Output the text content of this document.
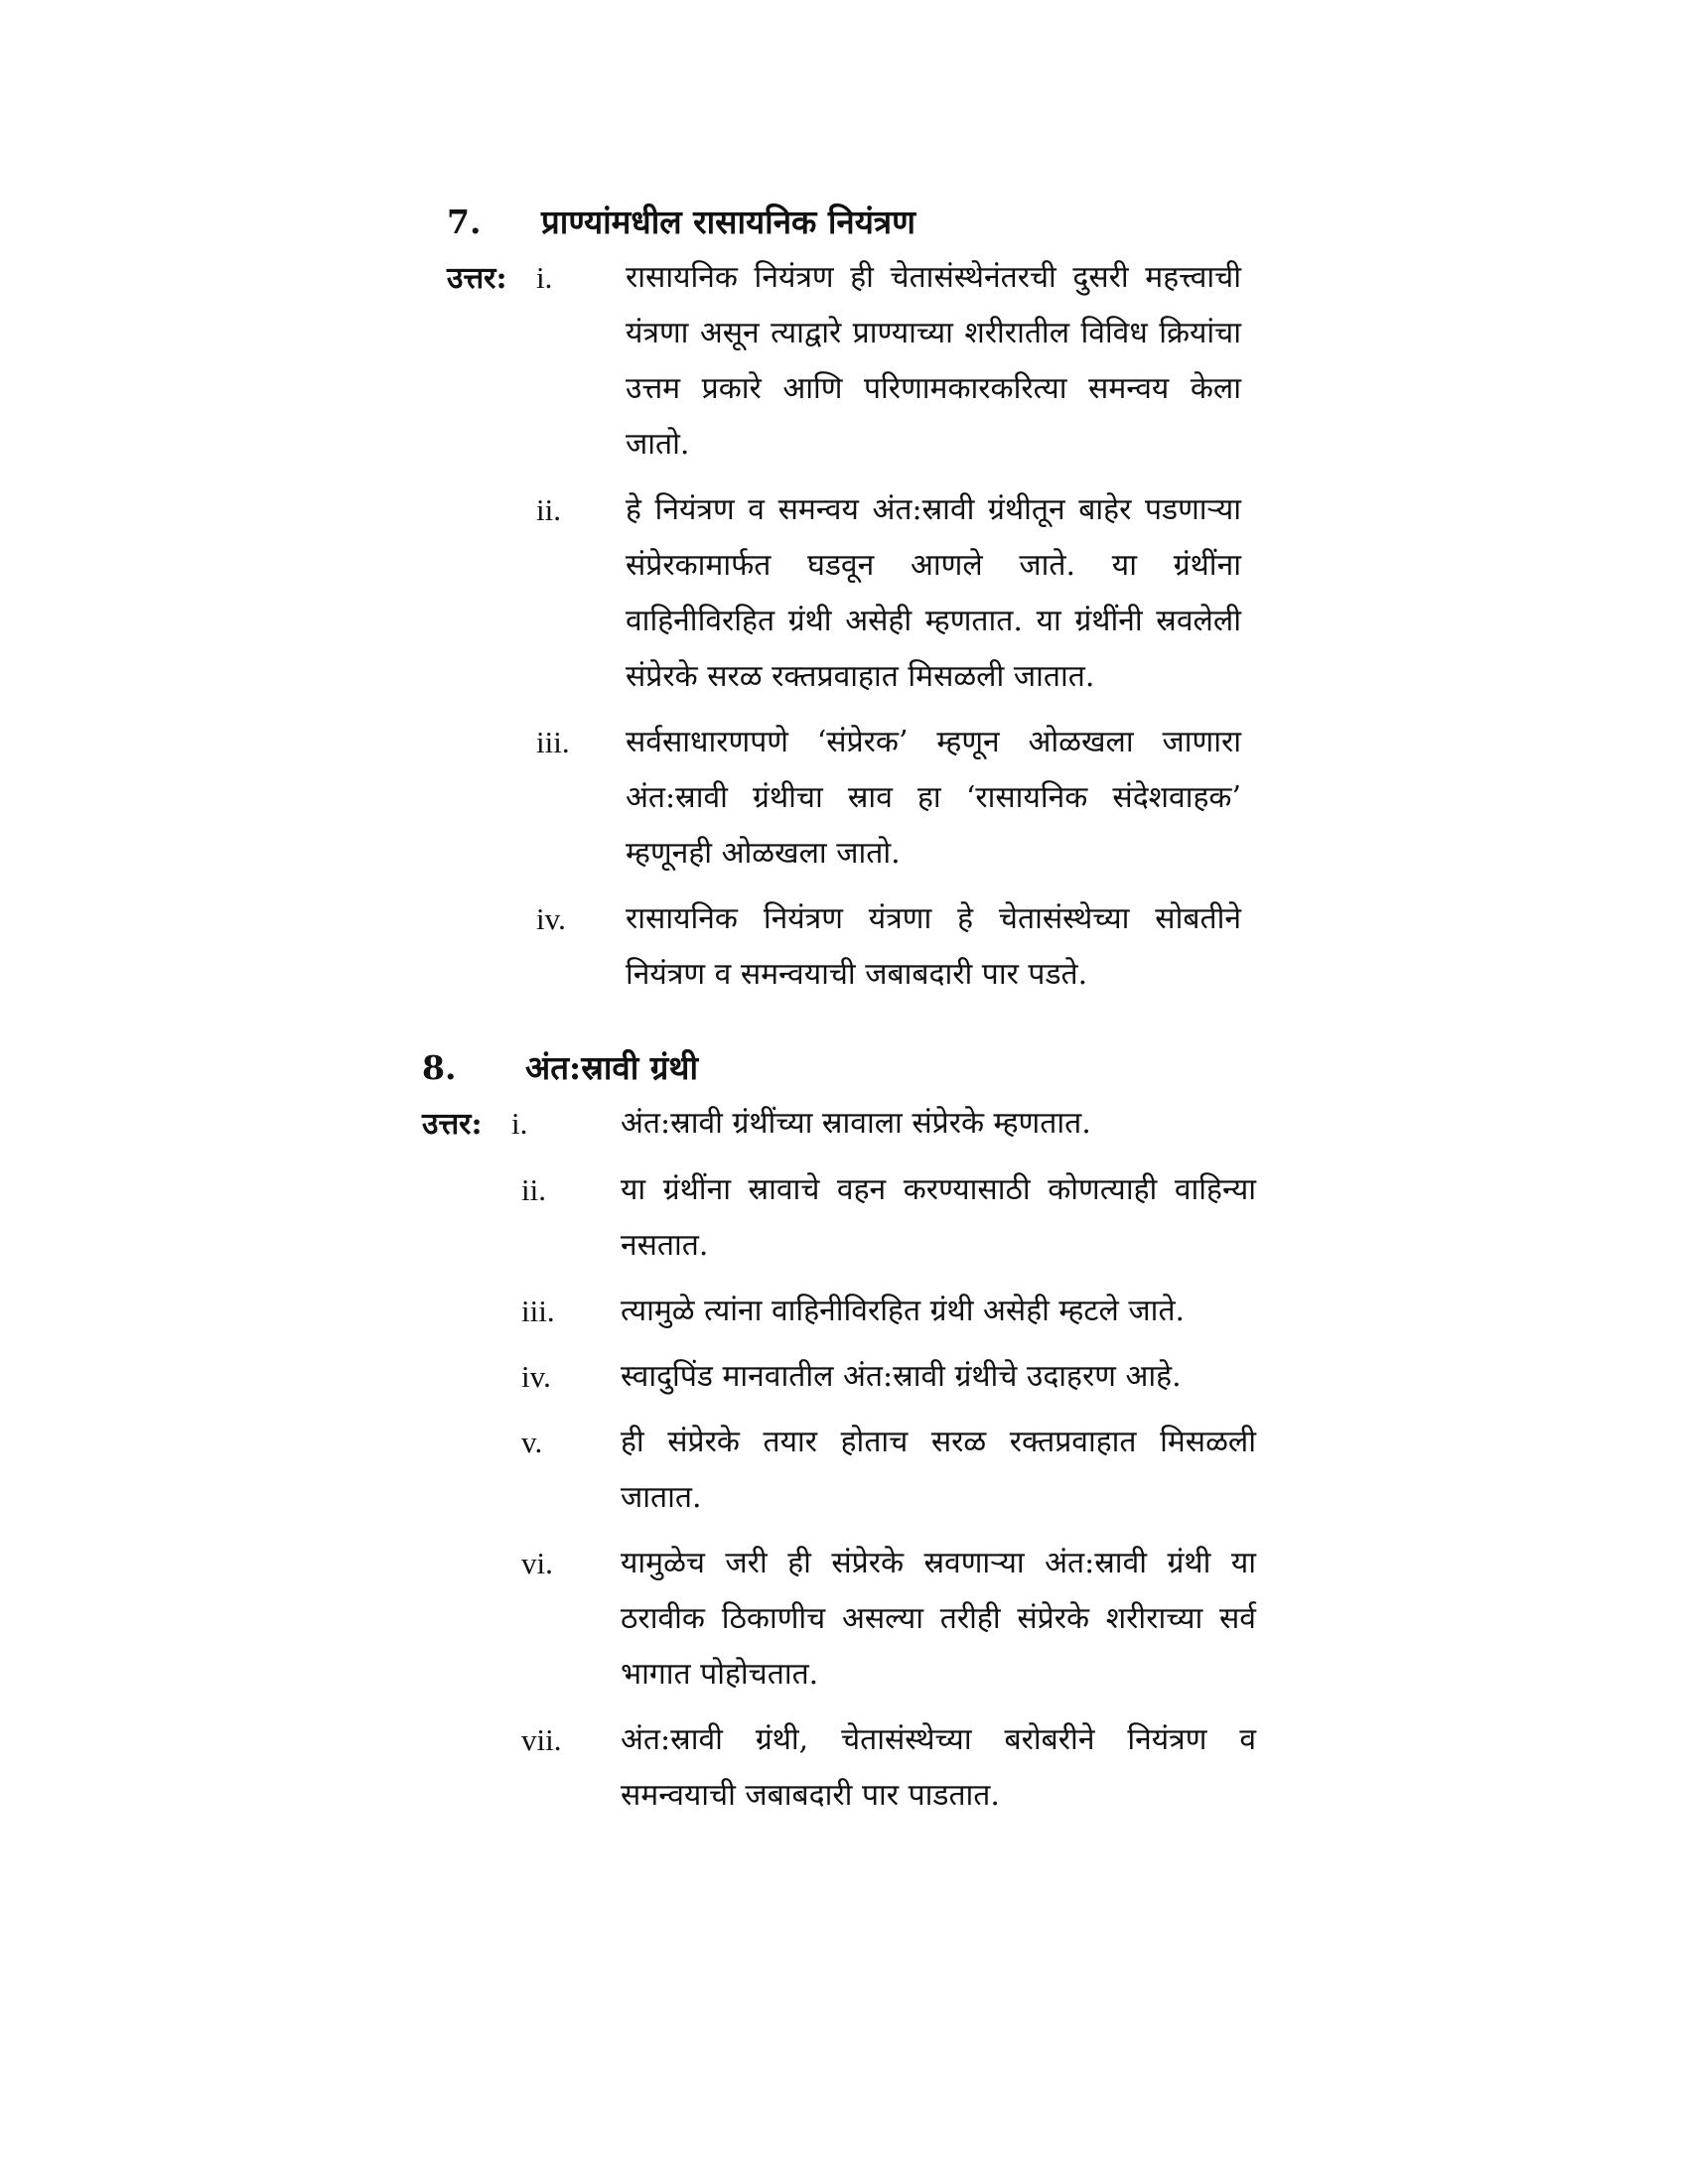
7.	प्राण्यांमधील रासायनिक नियंत्रण
उत्तर: i. रासायनिक नियंत्रण ही चेतासंस्थेनंतरची दुसरी महत्त्वाची यंत्रणा असून त्याद्वारे प्राण्याच्या शरीरातील विविध क्रियांचा उत्तम प्रकारे आणि परिणामकारकरित्या समन्वय केला जातो.
ii. हे नियंत्रण व समन्वय अंत:स्रावी ग्रंथीतून बाहेर पडणाऱ्या संप्रेरकामार्फत घडवून आणले जाते. या ग्रंथींना वाहिनीविरहित ग्रंथी असेही म्हणतात. या ग्रंथींनी स्रवलेली संप्रेरके सरळ रक्तप्रवाहात मिसळली जातात.
iii. सर्वसाधारणपणे ‘संप्रेरक’ म्हणून ओळखला जाणारा अंत:स्रावी ग्रंथीचा स्राव हा ‘रासायनिक संदेशवाहक’ म्हणूनही ओळखला जातो.
iv. रासायनिक नियंत्रण यंत्रणा हे चेतासंस्थेच्या सोबतीने नियंत्रण व समन्वयाची जबाबदारी पार पडते.
8.	अंत:स्रावी ग्रंथी
उत्तर: i.	अंत:स्रावी ग्रंथींच्या स्रावाला संप्रेरके म्हणतात.
ii.	या ग्रंथींना स्रावाचे वहन करण्यासाठी कोणत्याही वाहिन्या नसतात.
iii. त्यामुळे त्यांना वाहिनीविरहित ग्रंथी असेही म्हटले जाते.
iv. स्वादुपिंड मानवातील अंत:स्रावी ग्रंथीचे उदाहरण आहे.
v.	ही संप्रेरके तयार होताच सरळ रक्तप्रवाहात मिसळली जातात.
vi. यामुळेच जरी ही संप्रेरके स्रवणाऱ्या अंत:स्रावी ग्रंथी या ठरावीक ठिकाणीच असल्या तरीही संप्रेरके शरीराच्या सर्व भागात पोहोचतात.
vii. अंत:स्रावी ग्रंथी, चेतासंस्थेच्या बरोबरीने नियंत्रण व समन्वयाची जबाबदारी पार पाडतात.
